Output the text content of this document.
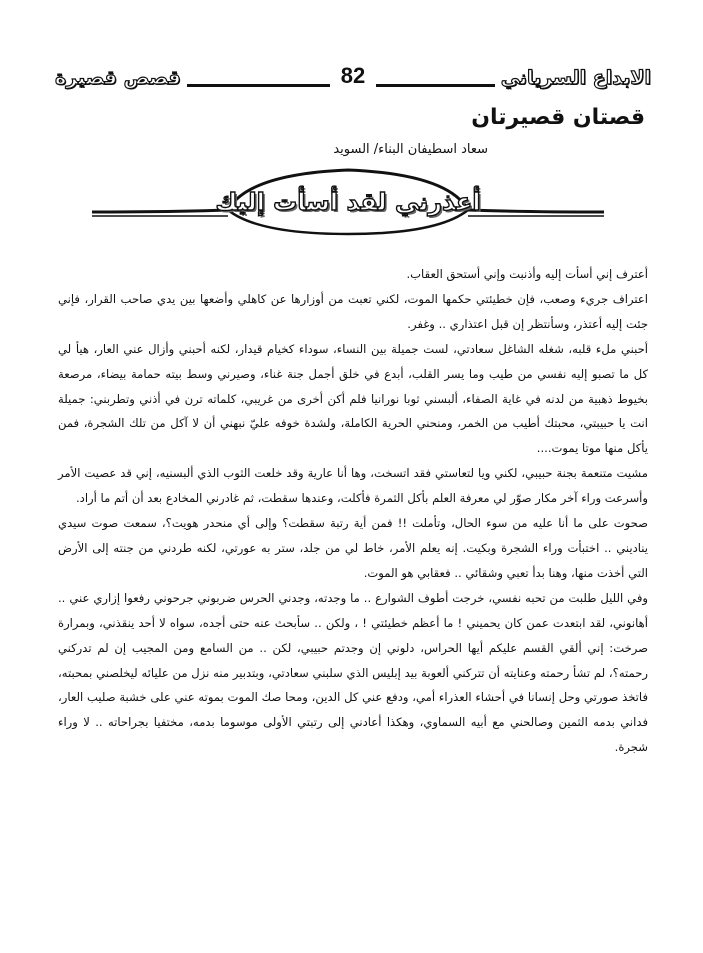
الابداع السرياني
82
قصص قصيرة
قصتان قصيرتان
سعاد اسطيفان البناء/ السويد
أعذرني لقد أسأت إليك

أعترف إني أسأت إليه وأذنبت وإني أستحق العقاب.

اعتراف جريء وصعب، فإن خطيئتي حكمها الموت، لكني تعبت من أوزارها عن كاهلي وأضعها بين يدي صاحب القرار، فإني جئت إليه أعتذر، وسأنتظر إن قبل اعتذاري .. وغفر.

أحبني ملء قلبه، شغله الشاغل سعادتي، لست جميلة بين النساء، سوداء كخيام قيدار، لكنه أحبني وأزال عني العار، هيأ لي كل ما تصبو إليه نفسي من طيب وما يسر القلب، أبدع في خلق أجمل جنة غناء، وصيرني وسط بيته حمامة بيضاء، مرصعة بخيوط ذهبية من لدنه في غاية الصفاء، ألبسني ثوبا نورانيا فلم أكن أخرى من غريبي، كلماته ترن في أذني وتطربني: جميلة انت يا حبيبتي، محبتك أطيب من الخمر، ومنحني الحرية الكاملة، ولشدة خوفه عليّ نبهني أن لا آكل من تلك الشجرة، فمن يأكل منها موتا يموت....

مشيت متنعمة بجنة حبيبي، لكني ويا لتعاستي فقد اتسخت، وها أنا عارية وقد خلعت الثوب الذي ألبسنيه، إني قد عصيت الأمر وأسرعت وراء آخر مكار صوّر لي معرفة العلم بأكل الثمرة فأكلت، وعندها سقطت، ثم غادرني المخادع بعد أن أتم ما أراد.

صحوت على ما أنا عليه من سوء الحال، وتأملت !! فمن أية رتبة سقطت؟ وإلى أي منحدر هويت؟، سمعت صوت سيدي يناديني .. اختبأت وراء الشجرة وبكيت. إنه يعلم الأمر، خاط لي من جلد، ستر به عورتي، لكنه طردني من جنته إلى الأرض التي أخذت منها، وهنا بدأ تعبي وشقائي .. فعقابي هو الموت.

وفي الليل طلبت من تحبه نفسي، خرجت أطوف الشوارع .. ما وجدته، وجدني الحرس ضربوني جرحوني رفعوا إزاري عني .. أهانوني، لقد ابتعدت عمن كان يحميني ! ما أعظم خطيئتي ! ، ولكن .. سأبحث عنه حتى أجده، سواه لا أحد ينقذني، وبمرارة صرخت: إني ألقي القسم عليكم أيها الحراس، دلوني إن وجدتم حبيبي، لكن .. من السامع ومن المجيب إن لم تدركني رحمته؟، لم تشأ رحمته وعنايته أن تتركني ألعوبة بيد إبليس الذي سلبني سعادتي، وبتدبير منه نزل من عليائه ليخلصني بمحبته، فاتخذ صورتي وحل إنسانا في أحشاء العذراء أمي، ودفع عني كل الدين، ومحا صك الموت بموته عني على خشبة صليب العار، فداني بدمه الثمين وصالحني مع أبيه السماوي، وهكذا أعادني إلى رتبتي الأولى موسوما بدمه، مختفيا بجراحاته .. لا وراء شجرة.
